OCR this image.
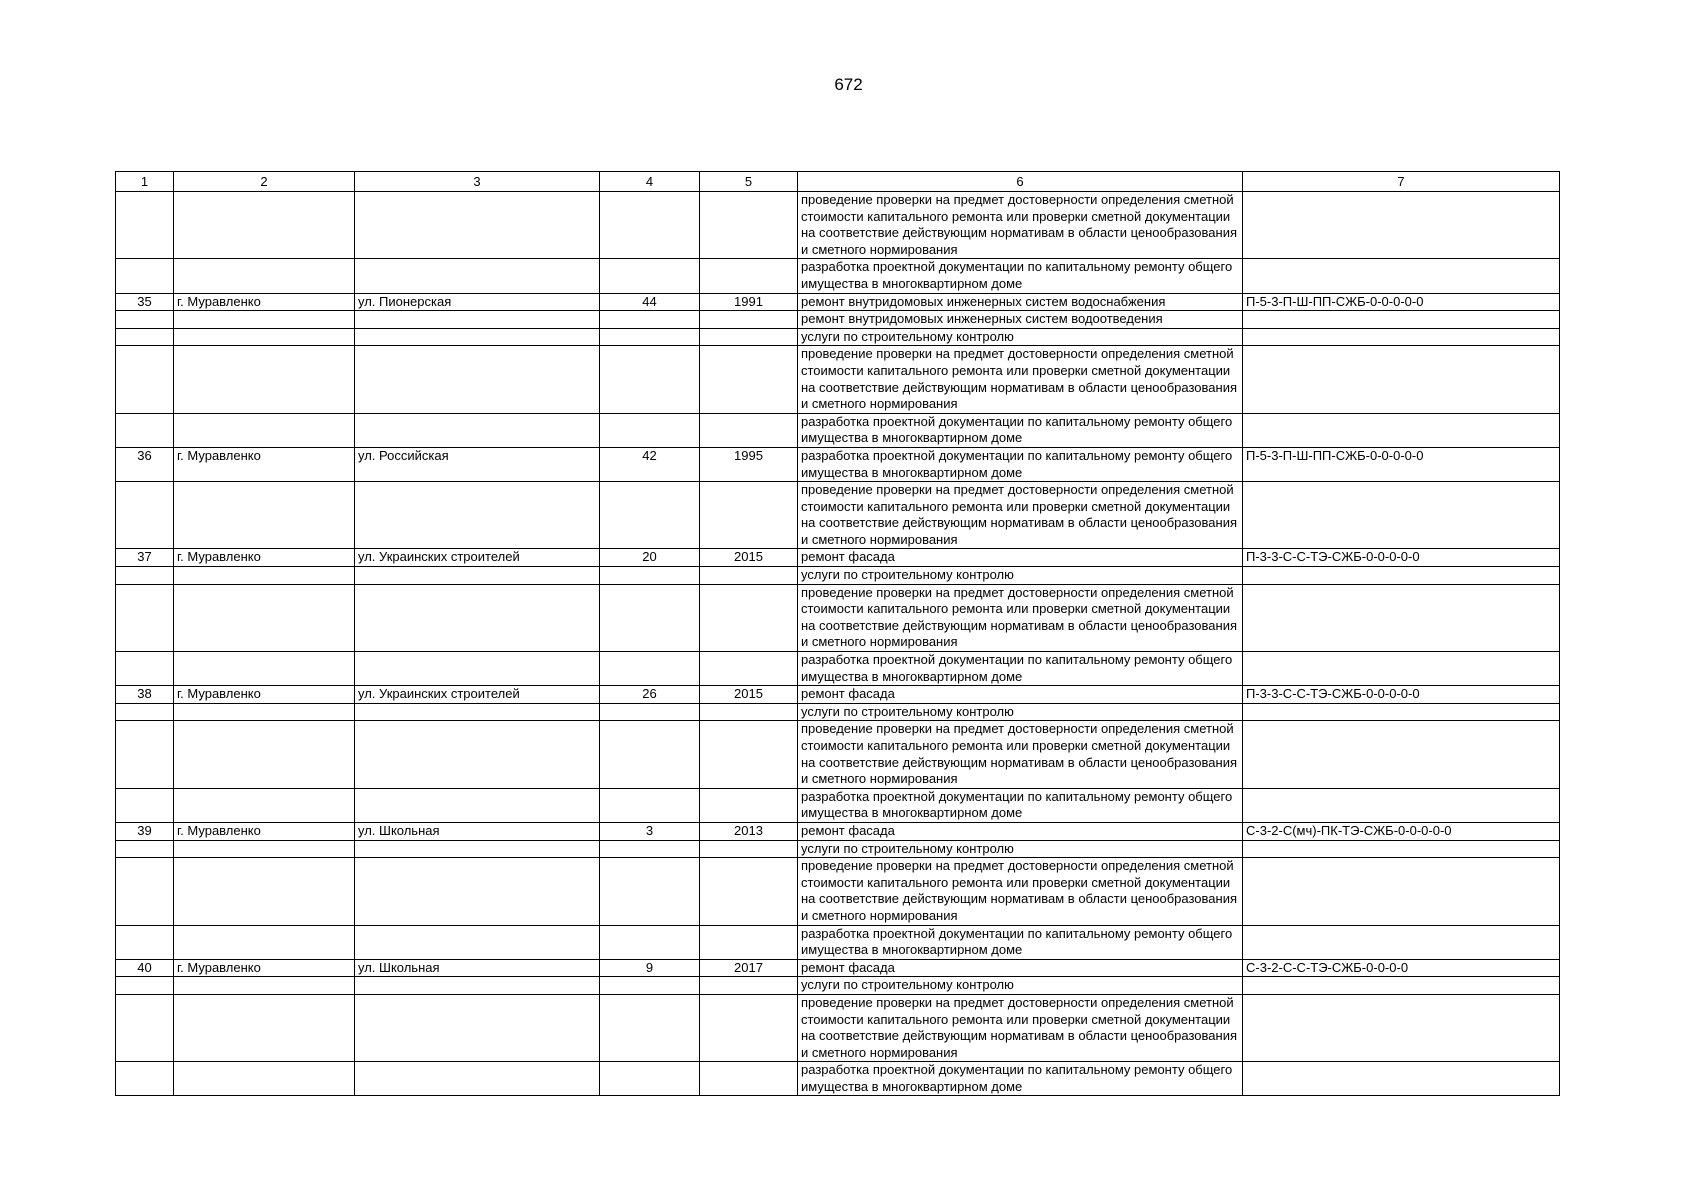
672
1	2	3	4	5	6	7
					проведение проверки на предмет достоверности определения сметной стоимости капитального ремонта или проверки сметной документации на соответствие действующим нормативам в области ценообразования и сметного нормирования	
					разработка проектной документации по капитальному ремонту общего имущества в многоквартирном доме	
35	г. Муравленко	ул. Пионерская	44	1991	ремонт внутридомовых инженерных систем водоснабжения	П-5-3-П-Ш-ПП-СЖБ-0-0-0-0-0
					ремонт внутридомовых инженерных систем водоотведения	
					услуги по строительному контролю	
					проведение проверки на предмет достоверности определения сметной стоимости капитального ремонта или проверки сметной документации на соответствие действующим нормативам в области ценообразования и сметного нормирования	
					разработка проектной документации по капитальному ремонту общего имущества в многоквартирном доме	
36	г. Муравленко	ул. Российская	42	1995	разработка проектной документации по капитальному ремонту общего имущества в многоквартирном доме	П-5-3-П-Ш-ПП-СЖБ-0-0-0-0-0
					проведение проверки на предмет достоверности определения сметной стоимости капитального ремонта или проверки сметной документации на соответствие действующим нормативам в области ценообразования и сметного нормирования	
37	г. Муравленко	ул. Украинских строителей	20	2015	ремонт фасада	П-3-3-С-С-ТЭ-СЖБ-0-0-0-0-0
					услуги по строительному контролю	
					проведение проверки на предмет достоверности определения сметной стоимости капитального ремонта или проверки сметной документации на соответствие действующим нормативам в области ценообразования и сметного нормирования	
					разработка проектной документации по капитальному ремонту общего имущества в многоквартирном доме	
38	г. Муравленко	ул. Украинских строителей	26	2015	ремонт фасада	П-3-3-С-С-ТЭ-СЖБ-0-0-0-0-0
					услуги по строительному контролю	
					проведение проверки на предмет достоверности определения сметной стоимости капитального ремонта или проверки сметной документации на соответствие действующим нормативам в области ценообразования и сметного нормирования	
					разработка проектной документации по капитальному ремонту общего имущества в многоквартирном доме	
39	г. Муравленко	ул. Школьная	3	2013	ремонт фасада	С-3-2-С(мч)-ПК-ТЭ-СЖБ-0-0-0-0-0
					услуги по строительному контролю	
					проведение проверки на предмет достоверности определения сметной стоимости капитального ремонта или проверки сметной документации на соответствие действующим нормативам в области ценообразования и сметного нормирования	
					разработка проектной документации по капитальному ремонту общего имущества в многоквартирном доме	
40	г. Муравленко	ул. Школьная	9	2017	ремонт фасада	С-3-2-С-С-ТЭ-СЖБ-0-0-0-0
					услуги по строительному контролю	
					проведение проверки на предмет достоверности определения сметной стоимости капитального ремонта или проверки сметной документации на соответствие действующим нормативам в области ценообразования и сметного нормирования	
					разработка проектной документации по капитальному ремонту общего имущества в многоквартирном доме	
